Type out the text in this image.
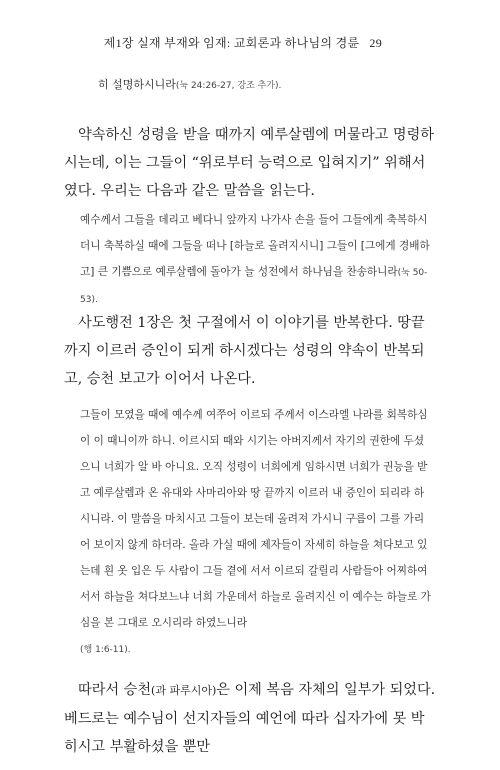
제1장 실재 부재와 임재: 교회론과 하나님의 경륜 29

히 설명하시니라(눅 24:26-27, 강조 추가).

약속하신 성령을 받을 때까지 예루살렘에 머물라고 명령하시는데, 이는 그들이 “위로부터 능력으로 입혀지기” 위해서였다. 우리는 다음과 같은 말씀을 읽는다.

예수께서 그들을 데리고 베다니 앞까지 나가사 손을 들어 그들에게 축복하시더니 축복하실 때에 그들을 떠나 [하늘로 올려지시니] 그들이 [그에게 경배하고] 큰 기쁨으로 예루살렘에 돌아가 늘 성전에서 하나님을 찬송하니라(눅 50-53).

사도행전 1장은 첫 구절에서 이 이야기를 반복한다. 땅끝까지 이르러 증인이 되게 하시겠다는 성령의 약속이 반복되고, 승천 보고가 이어서 나온다.

그들이 모였을 때에 예수께 여쭈어 이르되 주께서 이스라엘 나라를 회복하심이 이 때니이까 하니. 이르시되 때와 시기는 아버지께서 자기의 권한에 두셨으니 너희가 알 바 아니요. 오직 성령이 너희에게 임하시면 너희가 권능을 받고 예루살렘과 온 유대와 사마리아와 땅 끝까지 이르러 내 증인이 되리라 하시니라. 이 말씀을 마치시고 그들이 보는데 올려져 가시니 구름이 그를 가리어 보이지 않게 하더라. 올라 가실 때에 제자들이 자세히 하늘을 쳐다보고 있는데 흰 옷 입은 두 사람이 그들 곁에 서서 이르되 갈릴리 사람들아 어찌하여 서서 하늘을 쳐다보느냐 너희 가운데서 하늘로 올려지신 이 예수는 하늘로 가심을 본 그대로 오시리라 하였느니라
(행 1:6-11).

따라서 승천(과 파루시아)은 이제 복음 자체의 일부가 되었다. 베드로는 예수님이 선지자들의 예언에 따라 십자가에 못 박히시고 부활하셨을 뿐만
